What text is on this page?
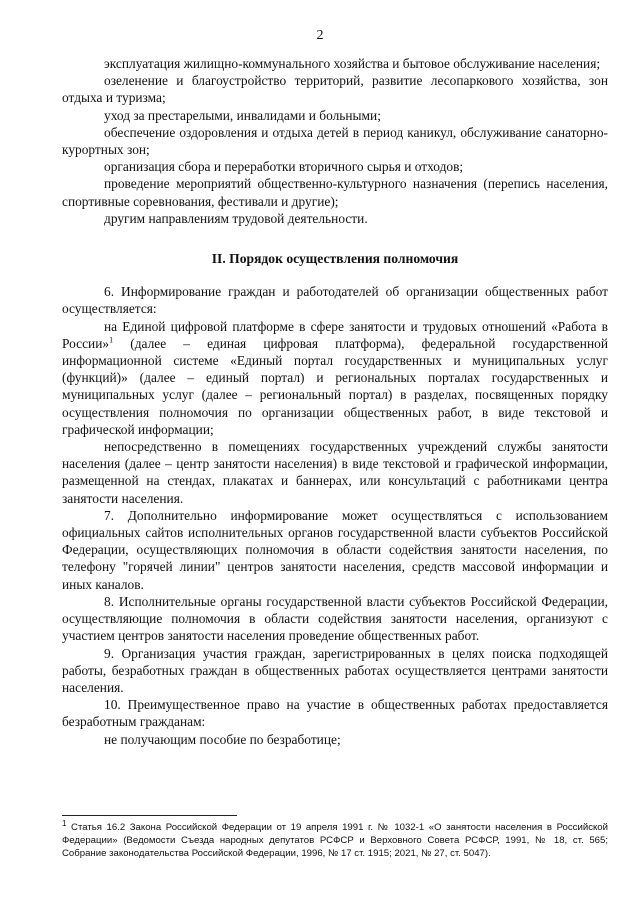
2

эксплуатация жилищно-коммунального хозяйства и бытовое обслуживание населения;

озеленение и благоустройство территорий, развитие лесопаркового хозяйства, зон отдыха и туризма;

уход за престарелыми, инвалидами и больными;

обеспечение оздоровления и отдыха детей в период каникул, обслуживание санаторно-курортных зон;

организация сбора и переработки вторичного сырья и отходов;

проведение мероприятий общественно-культурного назначения (перепись населения, спортивные соревнования, фестивали и другие);

другим направлениям трудовой деятельности.

II. Порядок осуществления полномочия

6. Информирование граждан и работодателей об организации общественных работ осуществляется:

на Единой цифровой платформе в сфере занятости и трудовых отношений «Работа в России»$^1$ (далее – единая цифровая платформа), федеральной государственной информационной системе «Единый портал государственных и муниципальных услуг (функций)» (далее – единый портал) и региональных порталах государственных и муниципальных услуг (далее – региональный портал) в разделах, посвященных порядку осуществления полномочия по организации общественных работ, в виде текстовой и графической информации;

непосредственно в помещениях государственных учреждений службы занятости населения (далее – центр занятости населения) в виде текстовой и графической информации, размещенной на стендах, плакатах и баннерах, или консультаций с работниками центра занятости населения.

7. Дополнительно информирование может осуществляться с использованием официальных сайтов исполнительных органов государственной власти субъектов Российской Федерации, осуществляющих полномочия в области содействия занятости населения, по телефону "горячей линии" центров занятости населения, средств массовой информации и иных каналов.

8. Исполнительные органы государственной власти субъектов Российской Федерации, осуществляющие полномочия в области содействия занятости населения, организуют с участием центров занятости населения проведение общественных работ.

9. Организация участия граждан, зарегистрированных в целях поиска подходящей работы, безработных граждан в общественных работах осуществляется центрами занятости населения.

10. Преимущественное право на участие в общественных работах предоставляется безработным гражданам:

не получающим пособие по безработице;

$^1$ Статья 16.2 Закона Российской Федерации от 19 апреля 1991 г. № 1032-1 «О занятости населения в Российской Федерации» (Ведомости Съезда народных депутатов РСФСР и Верховного Совета РСФСР, 1991, № 18, ст. 565; Собрание законодательства Российской Федерации, 1996, № 17 ст. 1915; 2021, № 27, ст. 5047).
